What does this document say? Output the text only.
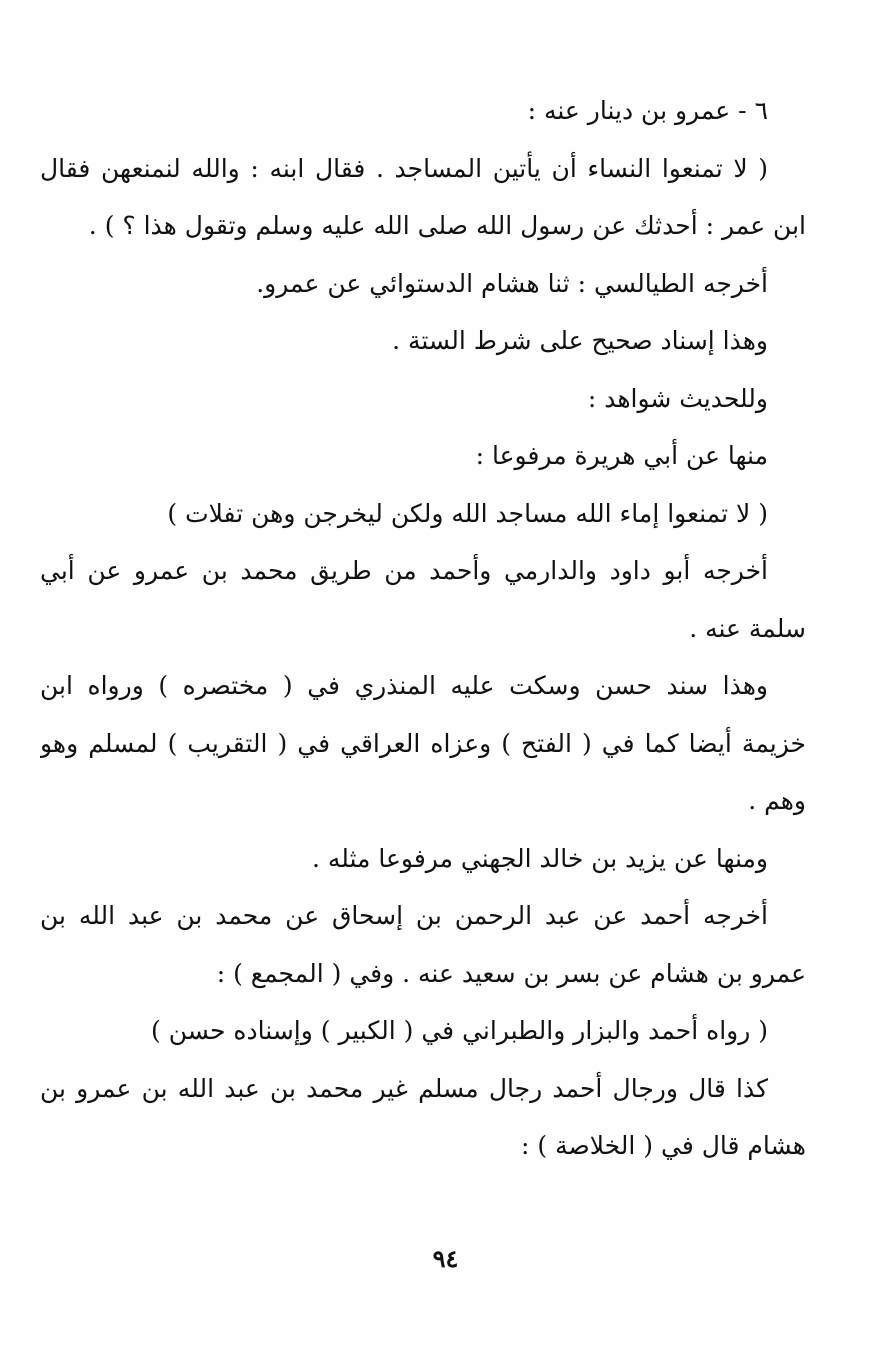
٦ - عمرو بن دينار عنه :
( لا تمنعوا النساء أن يأتين المساجد . فقال ابنه : والله لنمنعهن فقال
ابن عمر : أحدثك عن رسول الله صلى الله عليه وسلم وتقول هذا ؟ ) .
أخرجه الطيالسي : ثنا هشام الدستوائي عن عمرو.
وهذا إسناد صحيح على شرط الستة .
وللحديث شواهد :
منها عن أبي هريرة مرفوعا :
( لا تمنعوا إماء الله مساجد الله ولكن ليخرجن وهن تفلات )
أخرجه أبو داود والدارمي وأحمد من طريق محمد بن عمرو عن أبي
سلمة عنه .
وهذا سند حسن وسكت عليه المنذري في ( مختصره ) ورواه ابن
خزيمة أيضا كما في ( الفتح ) وعزاه العراقي في ( التقريب ) لمسلم وهو
وهم .
ومنها عن يزيد بن خالد الجهني مرفوعا مثله .
أخرجه أحمد عن عبد الرحمن بن إسحاق عن محمد بن عبد الله بن
عمرو بن هشام عن بسر بن سعيد عنه . وفي ( المجمع ) :
( رواه أحمد والبزار والطبراني في ( الكبير ) وإسناده حسن )
كذا قال ورجال أحمد رجال مسلم غير محمد بن عبد الله بن عمرو بن
هشام قال في ( الخلاصة ) :
٩٤
